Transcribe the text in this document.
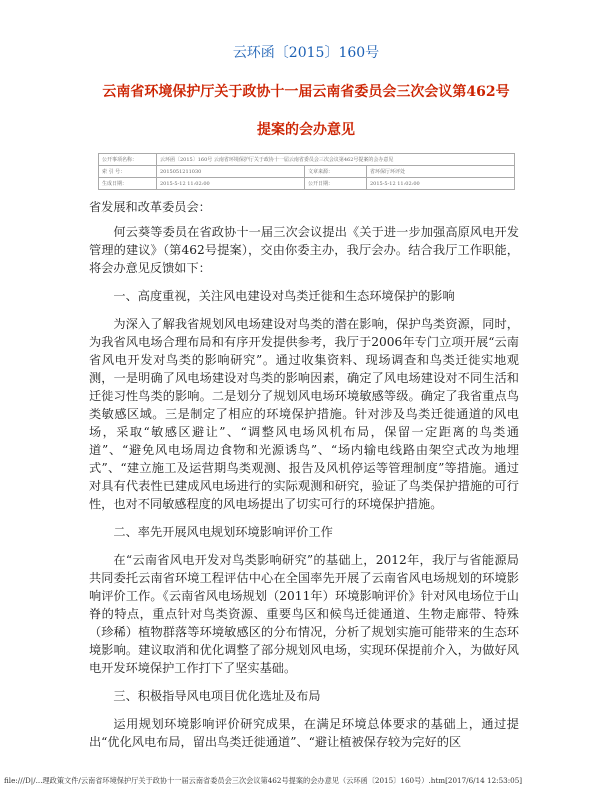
云环函〔2015〕160号
云南省环境保护厅关于政协十一届云南省委员会三次会议第462号
提案的会办意见
公开事项名称：	云环函〔2015〕160号 云南省环境保护厅关于政协十一届云南省委员会三次会议第462号提案的会办意见		
索 引 号：	2015051211030	文章来源：	省环保厅环评处
生成日期：	2015-5-12 11:02:00	公开日期：	2015-5-12 11:02:00

省发展和改革委员会：

何云葵等委员在省政协十一届三次会议提出《关于进一步加强高原风电开发管理的建议》（第462号提案），交由你委主办，我厅会办。结合我厅工作职能，将会办意见反馈如下：

一、高度重视，关注风电建设对鸟类迁徙和生态环境保护的影响

为深入了解我省规划风电场建设对鸟类的潜在影响，保护鸟类资源，同时，为我省风电场合理布局和有序开发提供参考，我厅于2006年专门立项开展“云南省风电开发对鸟类的影响研究”。通过收集资料、现场调查和鸟类迁徙实地观测，一是明确了风电场建设对鸟类的影响因素，确定了风电场建设对不同生活和迁徙习性鸟类的影响。二是划分了规划风电场环境敏感等级。确定了我省重点鸟类敏感区域。三是制定了相应的环境保护措施。针对涉及鸟类迁徙通道的风电场，采取“敏感区避让”、“调整风电场风机布局，保留一定距离的鸟类通道”、“避免风电场周边食物和光源诱鸟”、“场内输电线路由架空式改为地埋式”、“建立施工及运营期鸟类观测、报告及风机停运等管理制度”等措施。通过对具有代表性已建成风电场进行的实际观测和研究，验证了鸟类保护措施的可行性，也对不同敏感程度的风电场提出了切实可行的环境保护措施。

二、率先开展风电规划环境影响评价工作

在“云南省风电开发对鸟类影响研究”的基础上，2012年，我厅与省能源局共同委托云南省环境工程评估中心在全国率先开展了云南省风电场规划的环境影响评价工作。《云南省风电场规划（2011年）环境影响评价》针对风电场位于山脊的特点，重点针对鸟类资源、重要鸟区和候鸟迁徙通道、生物走廊带、特殊（珍稀）植物群落等环境敏感区的分布情况，分析了规划实施可能带来的生态环境影响。建议取消和优化调整了部分规划风电场，实现环保提前介入，为做好风电开发环境保护工作打下了坚实基础。

三、积极指导风电项目优化选址及布局

运用规划环境影响评价研究成果，在满足环境总体要求的基础上，通过提出“优化风电布局，留出鸟类迁徙通道”、“避让植被保存较为完好的区

file:///D|/...理政策文件/云南省环境保护厅关于政协十一届云南省委员会三次会议第462号提案的会办意见（云环函〔2015〕160号）.htm[2017/6/14 12:53:05]
